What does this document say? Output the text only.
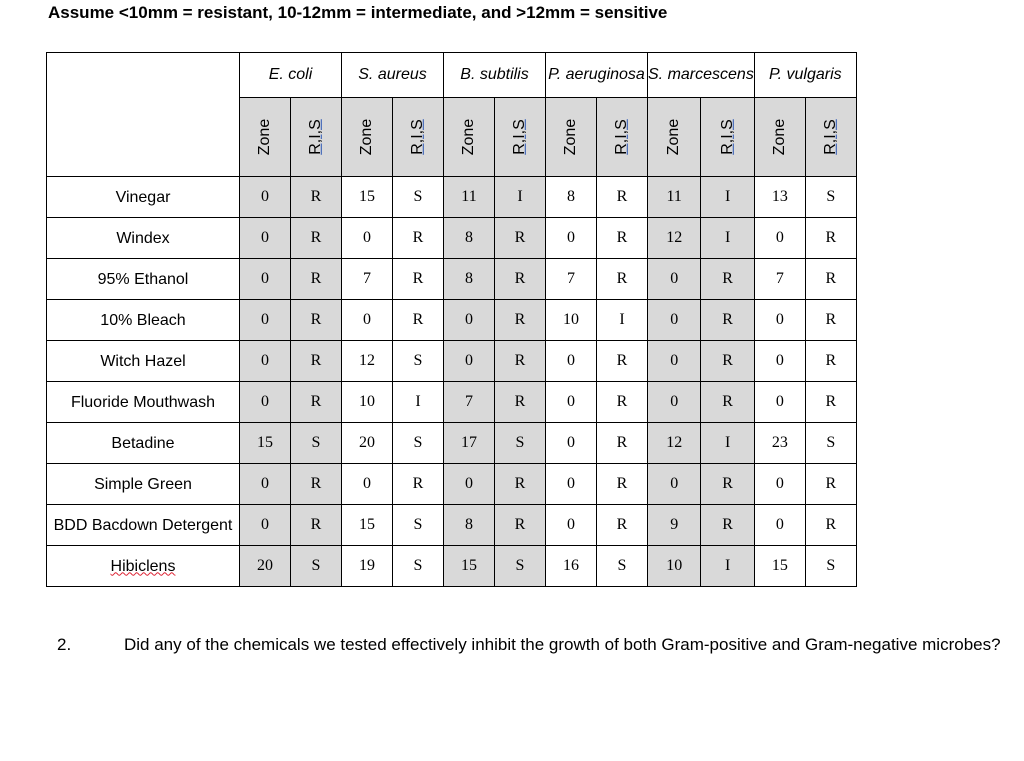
Assume <10mm = resistant, 10-12mm = intermediate, and >12mm = sensitive
	E. coli		S. aureus		B. subtilis		P. aeruginosa		S. marcescens		P. vulgaris	

	Zone	R,I,S	Zone	R,I,S	Zone	R,I,S	Zone	R,I,S	Zone	R,I,S	Zone	R,I,S

Vinegar	0	R	15	S	11	I	8	R	11	I	13	S
Windex	0	R	0	R	8	R	0	R	12	I	0	R
95% Ethanol	0	R	7	R	8	R	7	R	0	R	7	R
10% Bleach	0	R	0	R	0	R	10	I	0	R	0	R
Witch Hazel	0	R	12	S	0	R	0	R	0	R	0	R
Fluoride Mouthwash	0	R	10	I	7	R	0	R	0	R	0	R
Betadine	15	S	20	S	17	S	0	R	12	I	23	S
Simple Green	0	R	0	R	0	R	0	R	0	R	0	R
BDD Bacdown Detergent	0	R	15	S	8	R	0	R	9	R	0	R
Hibiclens	20	S	19	S	15	S	16	S	10	I	15	S
2.	Did any of the chemicals we tested effectively inhibit the growth of both Gram-positive and Gram-negative microbes?
